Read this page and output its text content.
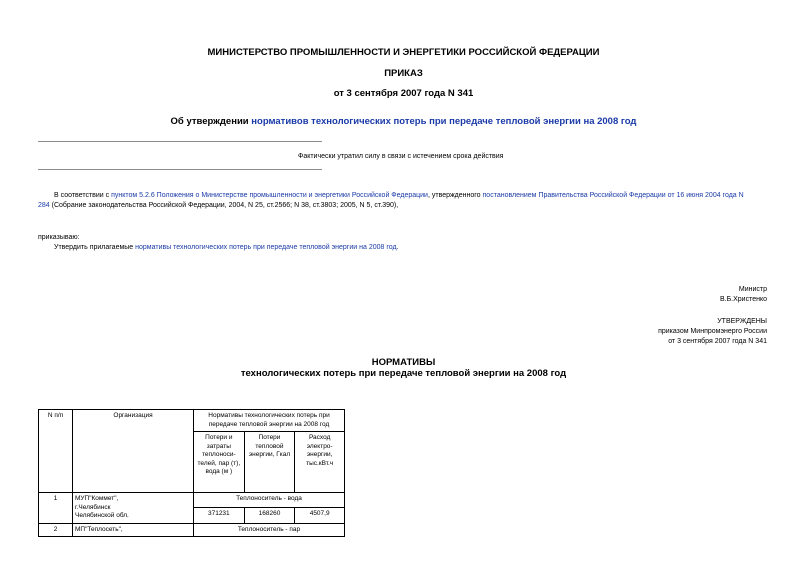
МИНИСТЕРСТВО ПРОМЫШЛЕННОСТИ И ЭНЕРГЕТИКИ РОССИЙСКОЙ ФЕДЕРАЦИИ
ПРИКАЗ
от 3 сентября 2007 года N 341
Об утверждении нормативов технологических потерь при передаче тепловой энергии на 2008 год
Фактически утратил силу в связи с истечением срока действия
В соответствии с пунктом 5.2.6 Положения о Министерстве промышленности и энергетики Российской Федерации, утвержденного постановлением Правительства Российской Федерации от 16 июня 2004 года N
284 (Собрание законодательства Российской Федерации, 2004, N 25, ст.2566; N 38, ст.3803; 2005, N 5, ст.390),
приказываю:
Утвердить прилагаемые нормативы технологических потерь при передаче тепловой энергии на 2008 год.
Министр
В.Б.Христенко
УТВЕРЖДЕНЫ
приказом Минпромэнерго России
от 3 сентября 2007 года N 341
НОРМАТИВЫ
технологических потерь при передаче тепловой энергии на 2008 год
N п/п	Организация	Нормативы технологических потерь при передаче тепловой энергии на 2008 год		
		Потери и затраты теплоноси-телей, пар (т), вода (м )	Потери тепловой энергии, Гкал	Расход электро-энергии, тыс.кВт.ч
1	МУП"Коммет",
г.Челябинск
Челябинской обл.	Теплоноситель - вода		
		371231	168260	4507,9
2	МП"Теплосеть",	Теплоноситель - пар		
